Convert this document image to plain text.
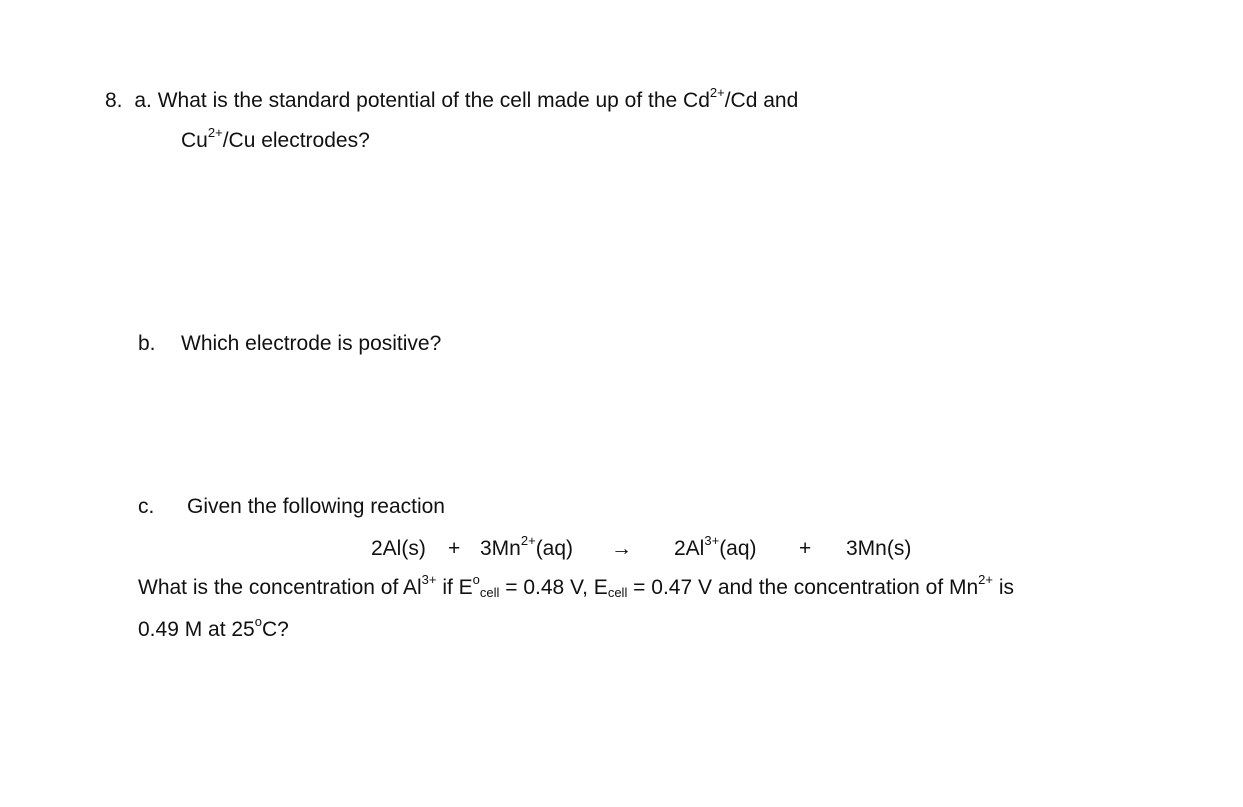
8. a. What is the standard potential of the cell made up of the $Cd^{2+}/Cd$ and
$Cu^{2+}/Cu$ electrodes?
b. Which electrode is positive?
c. Given the following reaction
$2Al(s) + 3Mn^{2+}(aq) \to 2Al^{3+}(aq) + 3Mn(s)$
What is the concentration of $Al^{3+}$ if $E^o_{cell} = 0.48$ V, $E_{cell} = 0.47$ V and the concentration of $Mn^{2+}$ is
0.49 M at 25$^o$C?
